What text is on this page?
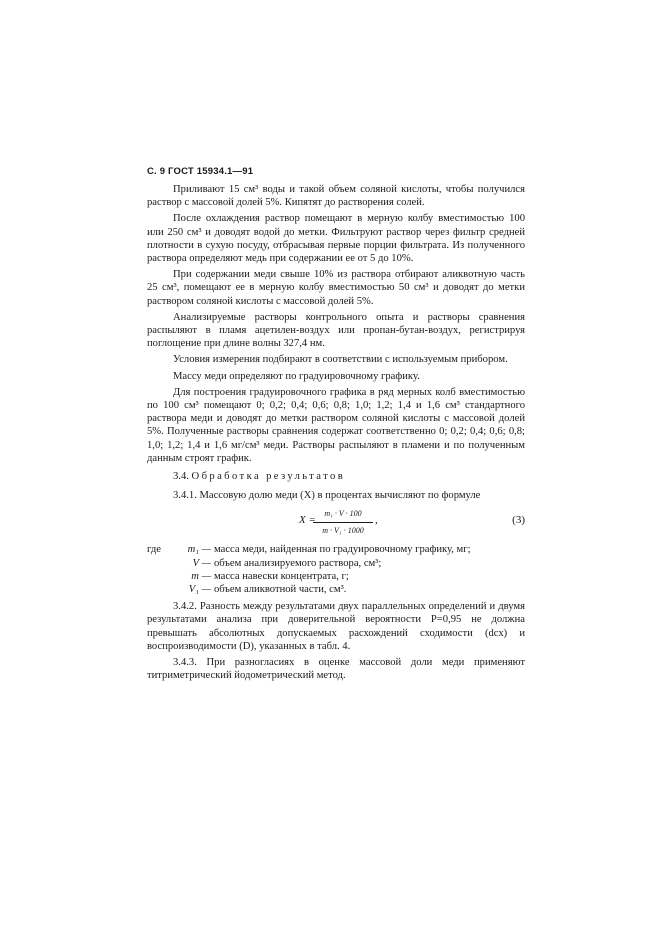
С. 9 ГОСТ 15934.1—91

Приливают 15 см³ воды и такой объем соляной кислоты, чтобы получился раствор с массовой долей 5%. Кипятят до растворения солей.

После охлаждения раствор помещают в мерную колбу вместимостью 100 или 250 см³ и доводят водой до метки. Фильтруют раствор через фильтр средней плотности в сухую посуду, отбрасывая первые порции фильтрата. Из полученного раствора определяют медь при содержании ее от 5 до 10%.

При содержании меди свыше 10% из раствора отбирают аликвотную часть 25 см³, помещают ее в мерную колбу вместимостью 50 см³ и доводят до метки раствором соляной кислоты с массовой долей 5%.

Анализируемые растворы контрольного опыта и растворы сравнения распыляют в пламя ацетилен-воздух или пропан-бутан-воздух, регистрируя поглощение при длине волны 327,4 нм.

Условия измерения подбирают в соответствии с используемым прибором.

Массу меди определяют по градуировочному графику.

Для построения градуировочного графика в ряд мерных колб вместимостью по 100 см³ помещают 0; 0,2; 0,4; 0,6; 0,8; 1,0; 1,2; 1,4 и 1,6 см³ стандартного раствора меди и доводят до метки раствором соляной кислоты с массовой долей 5%. Полученные растворы сравнения содержат соответственно 0; 0,2; 0,4; 0,6; 0,8; 1,0; 1,2; 1,4 и 1,6 мг/см³ меди. Растворы распыляют в пламени и по полученным данным строят график.

3.4. Обработка результатов

3.4.1. Массовую долю меди (X) в процентах вычисляют по формуле

X =
$\frac{\text{m₁ · V · 100}}{\text{m · V₁ · 1000}}$ ,	(3)
где	m₁ — масса меди, найденная по градуировочному графику, мг;
V — объем анализируемого раствора, см³;
m — масса навески концентрата, г;
V₁ — объем аликвотной части, см³.

3.4.2. Разность между результатами двух параллельных определений и двумя результатами анализа при доверительной вероятности P=0,95 не должна превышать абсолютных допускаемых расхождений сходимости (dсх) и воспроизводимости (D), указанных в табл. 4.

3.4.3. При разногласиях в оценке массовой доли меди применяют титриметрический йодометрический метод.
